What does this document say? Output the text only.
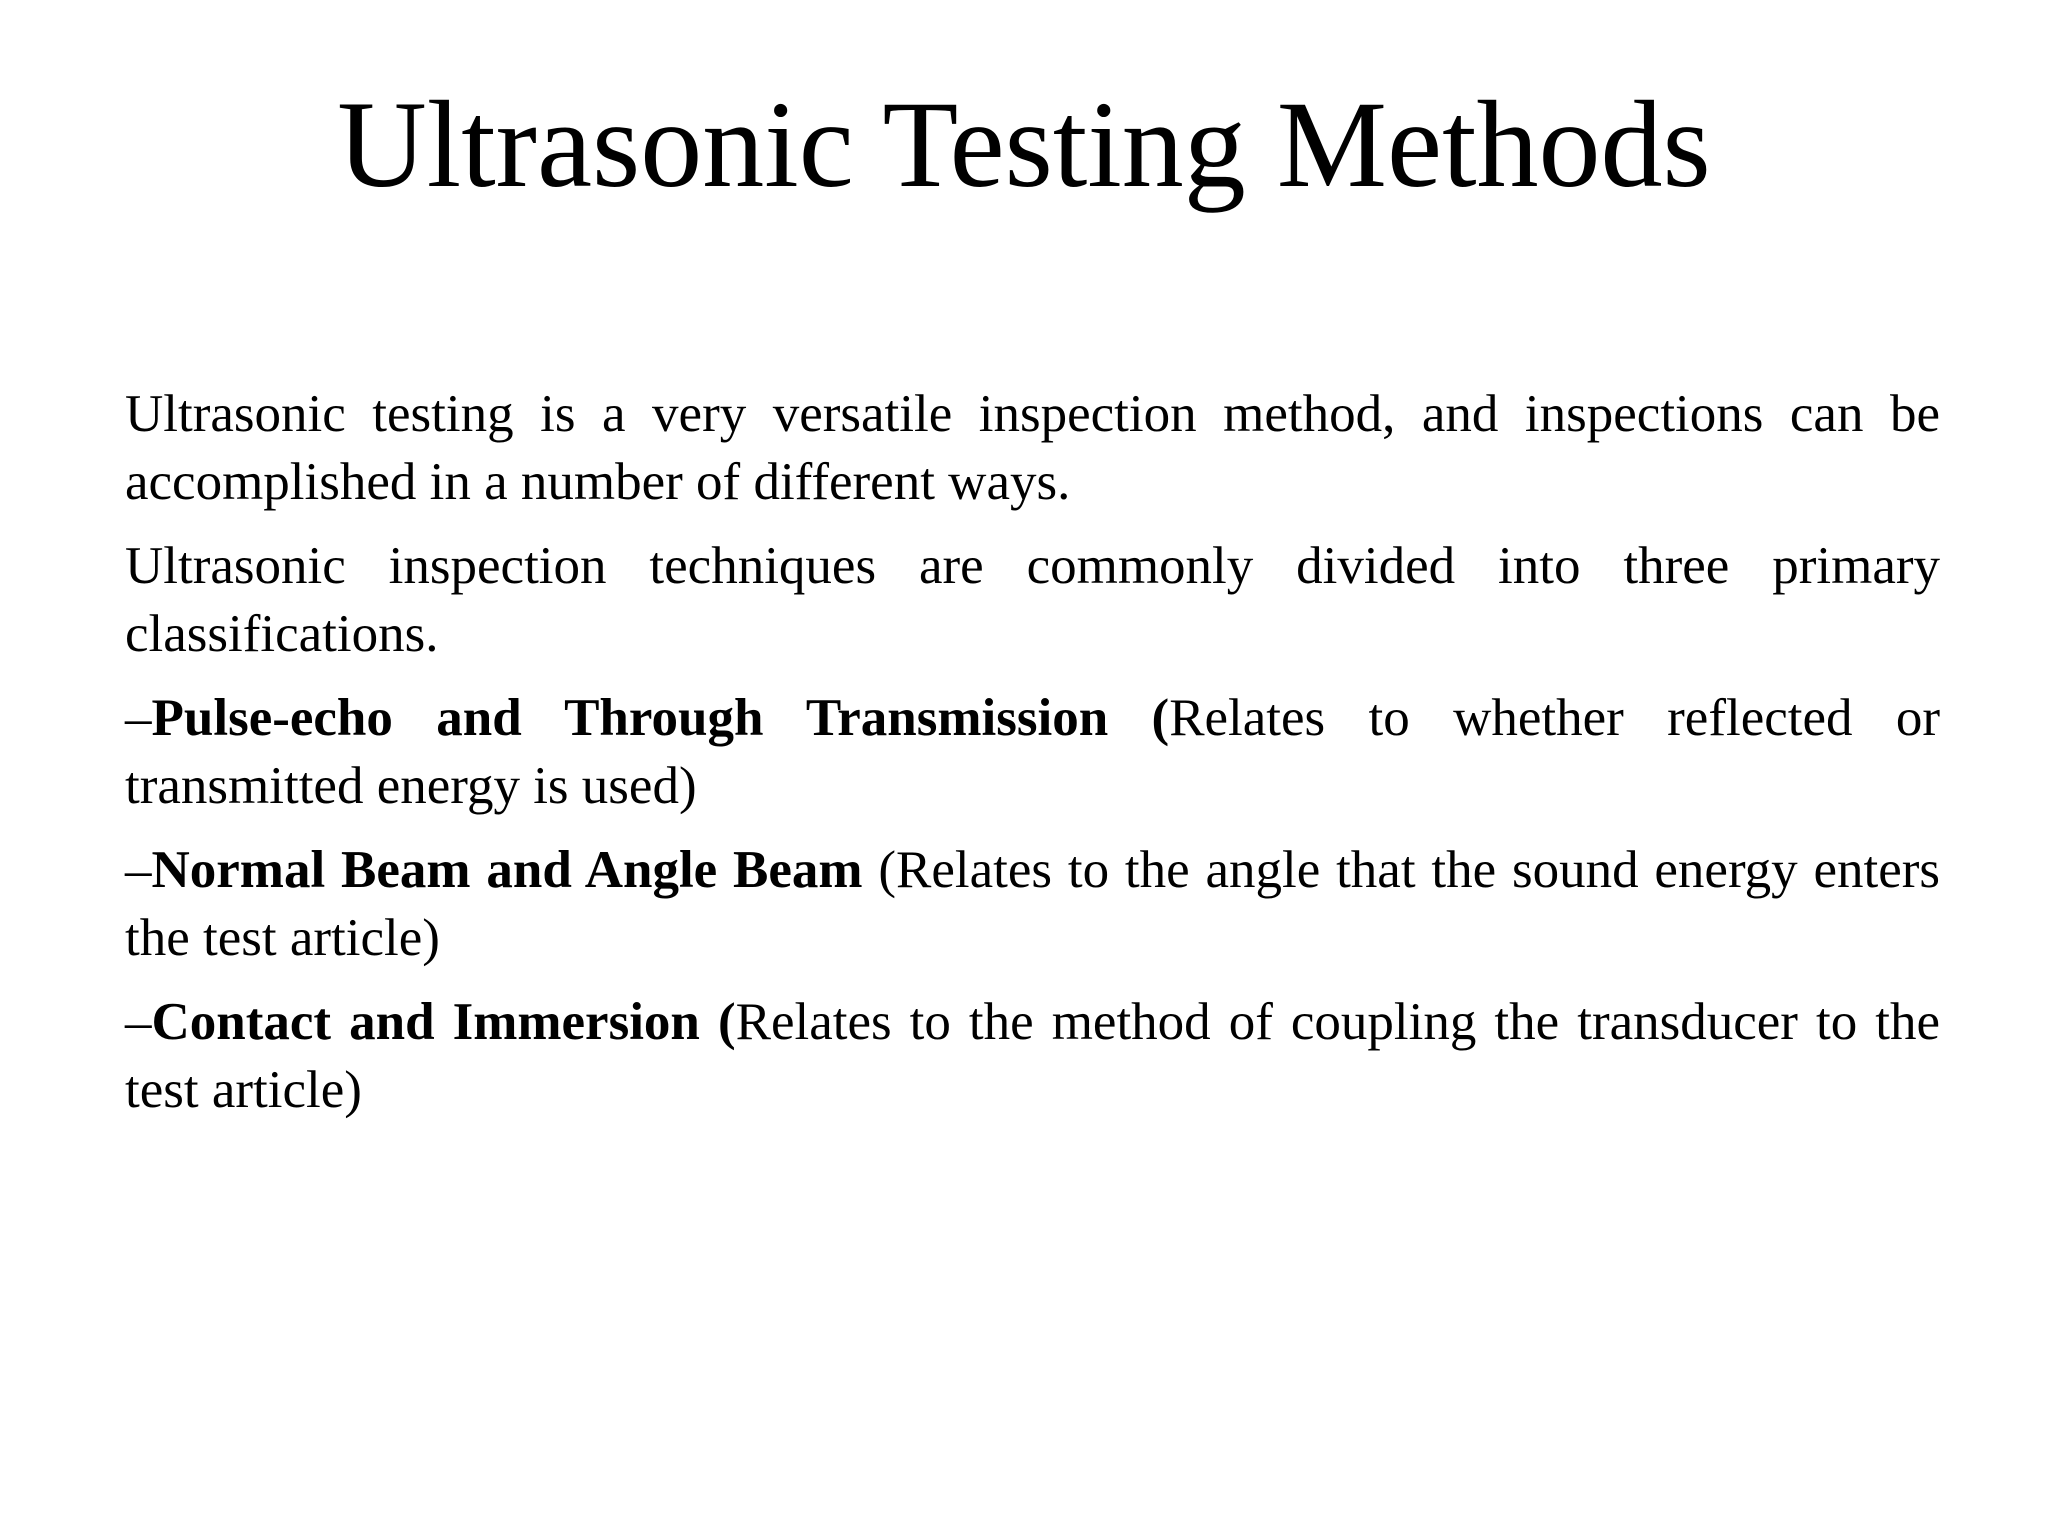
Ultrasonic Testing Methods

Ultrasonic testing is a very versatile inspection method, and inspections can be accomplished in a number of different ways.

Ultrasonic inspection techniques are commonly divided into three primary classifications.

–Pulse-echo and Through Transmission (Relates to whether reflected or transmitted energy is used)

–Normal Beam and Angle Beam (Relates to the angle that the sound energy enters the test article)

–Contact and Immersion (Relates to the method of coupling the transducer to the test article)
